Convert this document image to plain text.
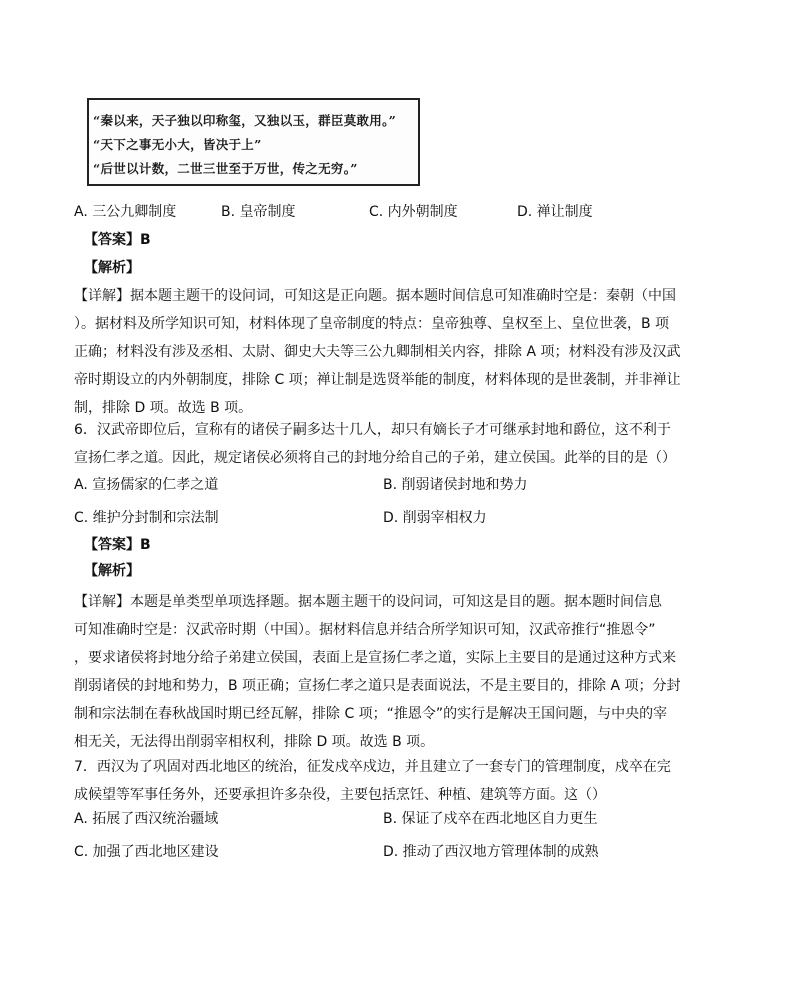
“秦以来，天子独以印称玺，又独以玉，群臣莫敢用。”
“天下之事无小大，皆决于上”
“后世以计数，二世三世至于万世，传之无穷。”
A. 三公九卿制度	B. 皇帝制度	C. 内外朝制度	D. 禅让制度
【答案】B
【解析】
【详解】据本题主题干的设问词，可知这是正向题。据本题时间信息可知准确时空是：秦朝（中国
）。据材料及所学知识可知，材料体现了皇帝制度的特点：皇帝独尊、皇权至上、皇位世袭，B 项
正确；材料没有涉及丞相、太尉、御史大夫等三公九卿制相关内容，排除 A 项；材料没有涉及汉武
帝时期设立的内外朝制度，排除 C 项；禅让制是选贤举能的制度，材料体现的是世袭制，并非禅让
制，排除 D 项。故选 B 项。
6．汉武帝即位后，宣称有的诸侯子嗣多达十几人，却只有嫡长子才可继承封地和爵位，这不利于
宣扬仁孝之道。因此，规定诸侯必须将自己的封地分给自己的子弟，建立侯国。此举的目的是（）
A. 宣扬儒家的仁孝之道	B. 削弱诸侯封地和势力
C. 维护分封制和宗法制	D. 削弱宰相权力
【答案】B
【解析】
【详解】本题是单类型单项选择题。据本题主题干的设问词，可知这是目的题。据本题时间信息
可知准确时空是：汉武帝时期（中国）。据材料信息并结合所学知识可知，汉武帝推行“推恩令”
，要求诸侯将封地分给子弟建立侯国，表面上是宣扬仁孝之道，实际上主要目的是通过这种方式来
削弱诸侯的封地和势力，B 项正确；宣扬仁孝之道只是表面说法，不是主要目的，排除 A 项；分封
制和宗法制在春秋战国时期已经瓦解，排除 C 项；“推恩令”的实行是解决王国问题，与中央的宰
相无关，无法得出削弱宰相权利，排除 D 项。故选 B 项。
7．西汉为了巩固对西北地区的统治，征发戍卒戍边，并且建立了一套专门的管理制度，戍卒在完
成候望等军事任务外，还要承担许多杂役，主要包括烹饪、种植、建筑等方面。这（）
A. 拓展了西汉统治疆域	B. 保证了戍卒在西北地区自力更生
C. 加强了西北地区建设	D. 推动了西汉地方管理体制的成熟
